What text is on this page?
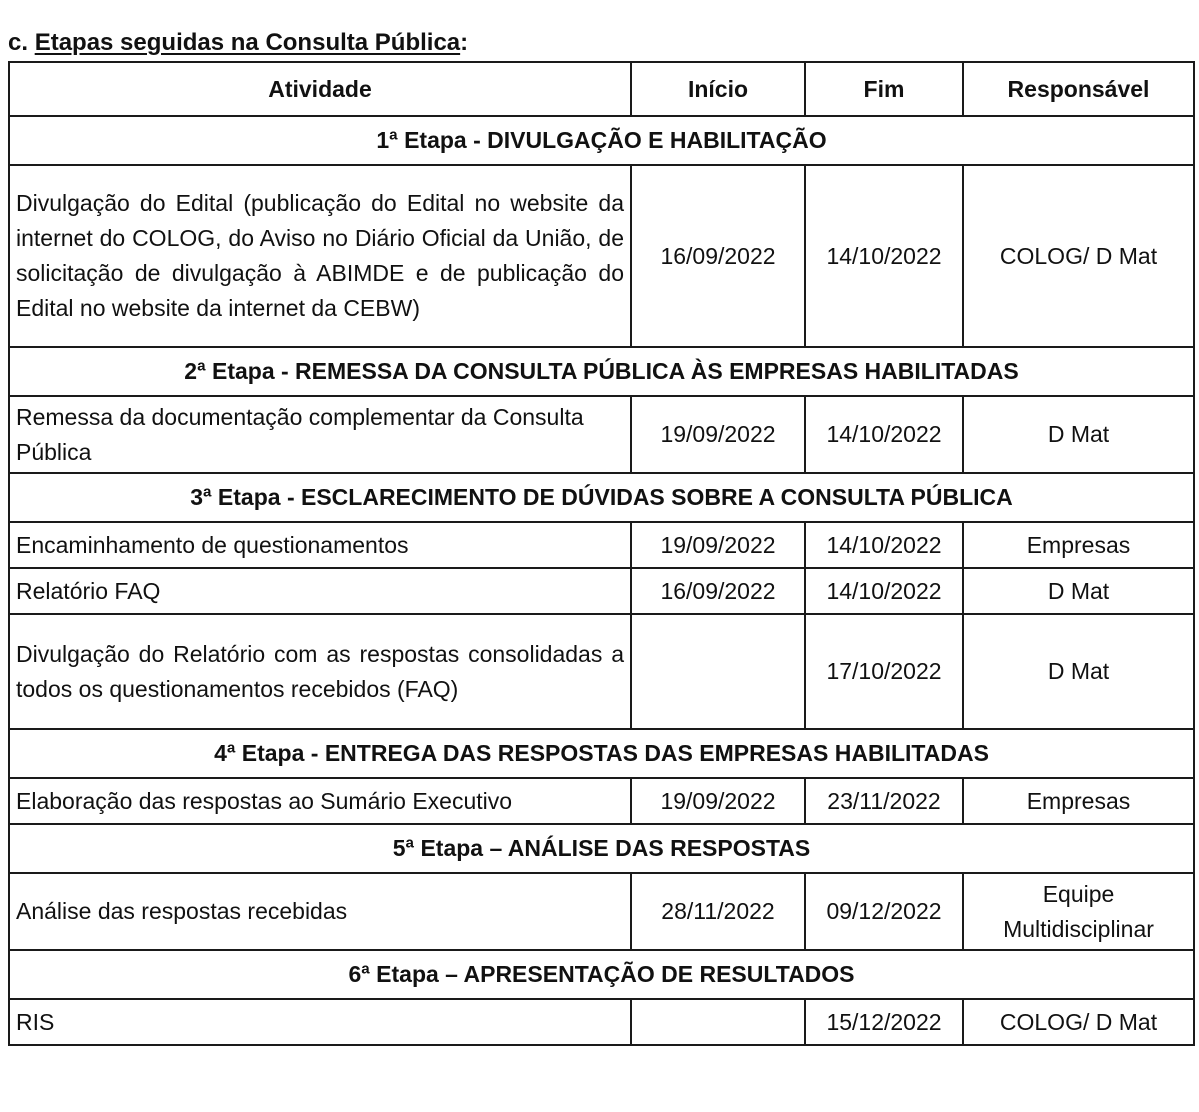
c. Etapas seguidas na Consulta Pública:
Atividade	Início	Fim	Responsável
1ª Etapa - DIVULGAÇÃO E HABILITAÇÃO			
Divulgação do Edital (publicação do Edital no website da internet do COLOG, do Aviso no Diário Oficial da União, de solicitação de divulgação à ABIMDE e de publicação do Edital no website da internet da CEBW)	16/09/2022	14/10/2022	COLOG/ D Mat
2ª Etapa - REMESSA DA CONSULTA PÚBLICA ÀS EMPRESAS HABILITADAS			
Remessa da documentação complementar da Consulta Pública	19/09/2022	14/10/2022	D Mat
3ª Etapa - ESCLARECIMENTO DE DÚVIDAS SOBRE A CONSULTA PÚBLICA			
Encaminhamento de questionamentos	19/09/2022	14/10/2022	Empresas
Relatório FAQ	16/09/2022	14/10/2022	D Mat
Divulgação do Relatório com as respostas consolidadas a todos os questionamentos recebidos (FAQ)		17/10/2022	D Mat
4ª Etapa - ENTREGA DAS RESPOSTAS DAS EMPRESAS HABILITADAS			
Elaboração das respostas ao Sumário Executivo	19/09/2022	23/11/2022	Empresas
5ª Etapa – ANÁLISE DAS RESPOSTAS			
Análise das respostas recebidas	28/11/2022	09/12/2022	Equipe Multidisciplinar
6ª Etapa – APRESENTAÇÃO DE RESULTADOS			
RIS		15/12/2022	COLOG/ D Mat
